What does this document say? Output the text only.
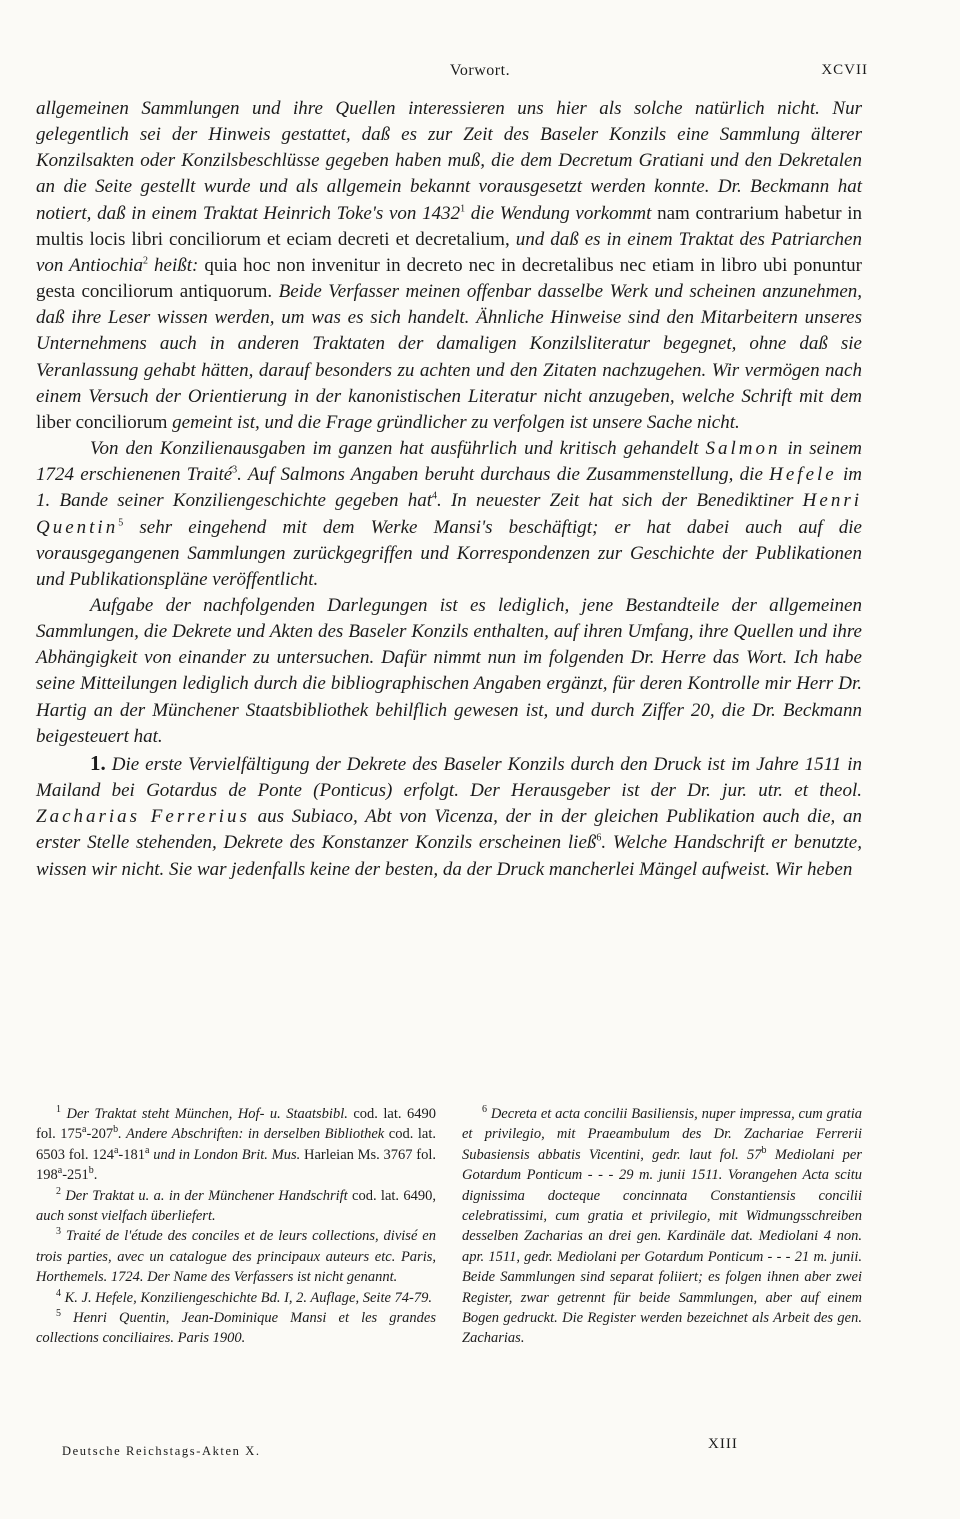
Vorwort.	XCVII

allgemeinen Sammlungen und ihre Quellen interessieren uns hier als solche natürlich nicht. Nur gelegentlich sei der Hinweis gestattet, daß es zur Zeit des Baseler Konzils eine Sammlung älterer Konzilsakten oder Konzilsbeschlüsse gegeben haben muß, die dem Decretum Gratiani und den Dekretalen an die Seite gestellt wurde und als allgemein bekannt vorausgesetzt werden konnte. Dr. Beckmann hat notiert, daß in einem Traktat Heinrich Toke's von 1432$^1$ die Wendung vorkommt nam contrarium habetur in multis locis libri conciliorum et eciam decreti et decretalium, und daß es in einem Traktat des Patriarchen von Antiochia$^2$ heißt: quia hoc non invenitur in decreto nec in decretalibus nec etiam in libro ubi ponuntur gesta conciliorum antiquorum. Beide Verfasser meinen offenbar dasselbe Werk und scheinen anzunehmen, daß ihre Leser wissen werden, um was es sich handelt. Ähnliche Hinweise sind den Mitarbeitern unseres Unternehmens auch in anderen Traktaten der damaligen Konzilsliteratur begegnet, ohne daß sie Veranlassung gehabt hätten, darauf besonders zu achten und den Zitaten nachzugehen. Wir vermögen nach einem Versuch der Orientierung in der kanonistischen Literatur nicht anzugeben, welche Schrift mit dem liber conciliorum gemeint ist, und die Frage gründlicher zu verfolgen ist unsere Sache nicht.

Von den Konzilienausgaben im ganzen hat ausführlich und kritisch gehandelt Salmon in seinem 1724 erschienenen Traité$^3$. Auf Salmons Angaben beruht durchaus die Zusammenstellung, die Hefele im 1. Bande seiner Konziliengeschichte gegeben hat$^4$. In neuester Zeit hat sich der Benediktiner Henri Quentin$^5$ sehr eingehend mit dem Werke Mansi's beschäftigt; er hat dabei auch auf die vorausgegangenen Sammlungen zurückgegriffen und Korrespondenzen zur Geschichte der Publikationen und Publikationspläne veröffentlicht.

Aufgabe der nachfolgenden Darlegungen ist es lediglich, jene Bestandteile der allgemeinen Sammlungen, die Dekrete und Akten des Baseler Konzils enthalten, auf ihren Umfang, ihre Quellen und ihre Abhängigkeit von einander zu untersuchen. Dafür nimmt nun im folgenden Dr. Herre das Wort. Ich habe seine Mitteilungen lediglich durch die bibliographischen Angaben ergänzt, für deren Kontrolle mir Herr Dr. Hartig an der Münchener Staatsbibliothek behilflich gewesen ist, und durch Ziffer 20, die Dr. Beckmann beigesteuert hat.

1. Die erste Vervielfältigung der Dekrete des Baseler Konzils durch den Druck ist im Jahre 1511 in Mailand bei Gotardus de Ponte (Ponticus) erfolgt. Der Herausgeber ist der Dr. jur. utr. et theol. Zacharias Ferrerius aus Subiaco, Abt von Vicenza, der in der gleichen Publikation auch die, an erster Stelle stehenden, Dekrete des Konstanzer Konzils erscheinen ließ$^6$. Welche Handschrift er benutzte, wissen wir nicht. Sie war jedenfalls keine der besten, da der Druck mancherlei Mängel aufweist. Wir heben

$^1$ Der Traktat steht München, Hof- u. Staatsbibl. cod. lat. 6490 fol. 175$^a$-207$^b$. Andere Abschriften: in derselben Bibliothek cod. lat. 6503 fol. 124$^a$-181$^a$ und in London Brit. Mus. Harleian Ms. 3767 fol. 198$^a$-251$^b$.

$^2$ Der Traktat u. a. in der Münchener Handschrift cod. lat. 6490, auch sonst vielfach überliefert.

$^3$ Traité de l'étude des conciles et de leurs collections, divisé en trois parties, avec un catalogue des principaux auteurs etc. Paris, Horthemels. 1724. Der Name des Verfassers ist nicht genannt.

$^4$ K. J. Hefele, Konziliengeschichte Bd. I, 2. Auflage, Seite 74-79.

$^5$ Henri Quentin, Jean-Dominique Mansi et les grandes collections conciliaires. Paris 1900.

$^6$ Decreta et acta concilii Basiliensis, nuper impressa, cum gratia et privilegio, mit Praeambulum des Dr. Zachariae Ferrerii Subasiensis abbatis Vicentini, gedr. laut fol. 57$^b$ Mediolani per Gotardum Ponticum - - - 29 m. junii 1511. Vorangehen Acta scitu dignissima docteque concinnata Constantiensis concilii celebratissimi, cum gratia et privilegio, mit Widmungsschreiben desselben Zacharias an drei gen. Kardinäle dat. Mediolani 4 non. apr. 1511, gedr. Mediolani per Gotardum Ponticum - - - 21 m. junii. Beide Sammlungen sind separat foliiert; es folgen ihnen aber zwei Register, zwar getrennt für beide Sammlungen, aber auf einem Bogen gedruckt. Die Register werden bezeichnet als Arbeit des gen. Zacharias.

Deutsche Reichstags-Akten X.	XIII
